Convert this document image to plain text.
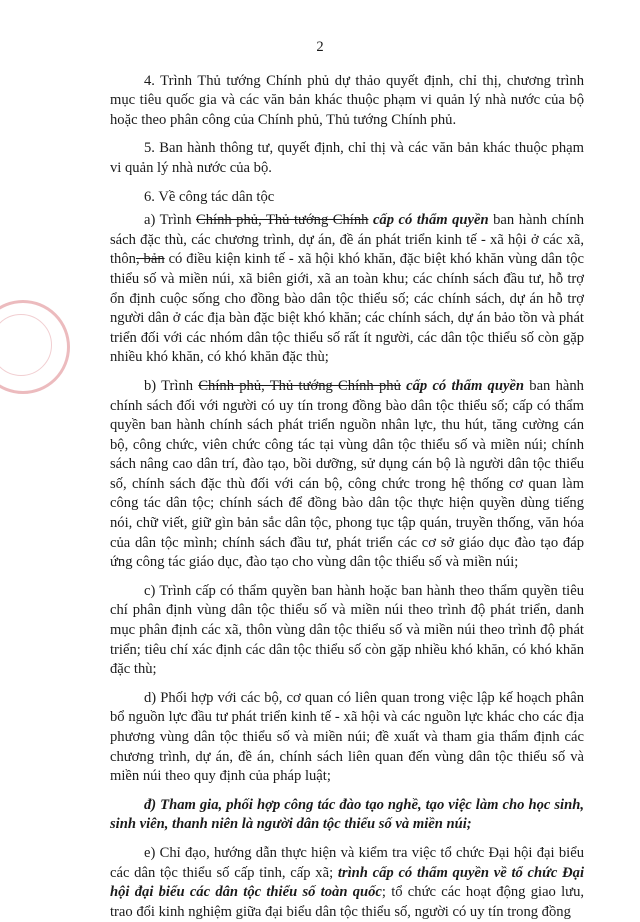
2

4. Trình Thủ tướng Chính phủ dự thảo quyết định, chỉ thị, chương trình mục tiêu quốc gia và các văn bản khác thuộc phạm vi quản lý nhà nước của bộ hoặc theo phân công của Chính phủ, Thủ tướng Chính phủ.

5. Ban hành thông tư, quyết định, chỉ thị và các văn bản khác thuộc phạm vi quản lý nhà nước của bộ.

6. Về công tác dân tộc

a) Trình Chính phủ, Thủ tướng Chính cấp có thẩm quyền ban hành chính sách đặc thù, các chương trình, dự án, đề án phát triển kinh tế - xã hội ở các xã, thôn, bản có điều kiện kinh tế - xã hội khó khăn, đặc biệt khó khăn vùng dân tộc thiểu số và miền núi, xã biên giới, xã an toàn khu; các chính sách đầu tư, hỗ trợ ổn định cuộc sống cho đồng bào dân tộc thiểu số; các chính sách, dự án hỗ trợ người dân ở các địa bàn đặc biệt khó khăn; các chính sách, dự án bảo tồn và phát triển đối với các nhóm dân tộc thiểu số rất ít người, các dân tộc thiểu số còn gặp nhiều khó khăn, có khó khăn đặc thù;

b) Trình Chính phủ, Thủ tướng Chính phủ cấp có thẩm quyền ban hành chính sách đối với người có uy tín trong đồng bào dân tộc thiểu số; cấp có thẩm quyền ban hành chính sách phát triển nguồn nhân lực, thu hút, tăng cường cán bộ, công chức, viên chức công tác tại vùng dân tộc thiểu số và miền núi; chính sách nâng cao dân trí, đào tạo, bồi dưỡng, sử dụng cán bộ là người dân tộc thiểu số, chính sách đặc thù đối với cán bộ, công chức trong hệ thống cơ quan làm công tác dân tộc; chính sách để đồng bào dân tộc thực hiện quyền dùng tiếng nói, chữ viết, giữ gìn bản sắc dân tộc, phong tục tập quán, truyền thống, văn hóa của dân tộc mình; chính sách đầu tư, phát triển các cơ sở giáo dục đào tạo đáp ứng công tác giáo dục, đào tạo cho vùng dân tộc thiểu số và miền núi;

c) Trình cấp có thẩm quyền ban hành hoặc ban hành theo thẩm quyền tiêu chí phân định vùng dân tộc thiểu số và miền núi theo trình độ phát triển, danh mục phân định các xã, thôn vùng dân tộc thiểu số và miền núi theo trình độ phát triển; tiêu chí xác định các dân tộc thiểu số còn gặp nhiều khó khăn, có khó khăn đặc thù;

d) Phối hợp với các bộ, cơ quan có liên quan trong việc lập kế hoạch phân bổ nguồn lực đầu tư phát triển kinh tế - xã hội và các nguồn lực khác cho các địa phương vùng dân tộc thiểu số và miền núi; đề xuất và tham gia thẩm định các chương trình, dự án, đề án, chính sách liên quan đến vùng dân tộc thiểu số và miền núi theo quy định của pháp luật;

đ) Tham gia, phối hợp công tác đào tạo nghề, tạo việc làm cho học sinh, sinh viên, thanh niên là người dân tộc thiểu số và miền núi;

e) Chỉ đạo, hướng dẫn thực hiện và kiểm tra việc tổ chức Đại hội đại biểu các dân tộc thiểu số cấp tỉnh, cấp xã; trình cấp có thẩm quyền về tổ chức Đại hội đại biểu các dân tộc thiểu số toàn quốc; tổ chức các hoạt động giao lưu, trao đổi kinh nghiệm giữa đại biểu dân tộc thiểu số, người có uy tín trong đồng
